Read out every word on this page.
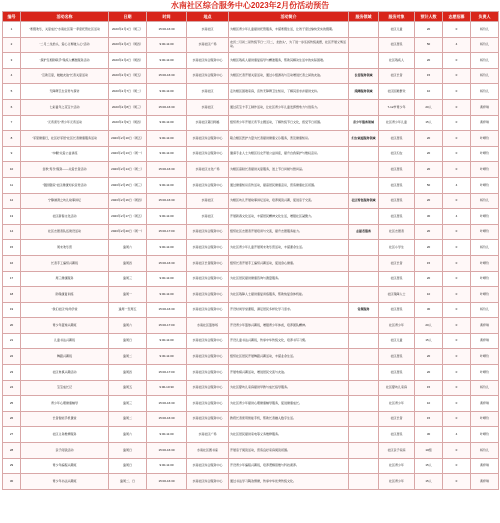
水南社区综合服务中心2023年2月份活动预告
编号	活动名称	日期	时间	地点	活动简介	服务领域	服务对象	预计人数	志愿招募	负责人
1	“寒假欢乐，关爱成长”水南社区第一季度托管社区活动	2023年2月1日（周三）	15:00-16:30	水南社区	为辖区青少年儿童提供托管服务，丰富寒假生活，让孩子度过愉快充实的假期。		社区儿童	20	0	杨玲儿
2	“二月二龙抬头，爱心义剪暖人心”活动	2023年2月2日（周四）	9:00-11:00	水南社区广场	农历二月初二是传统节日“二月二，龙抬头”，为了进一步弘扬传统美德，社区开展义剪活动。		社区居民	50	4	杨玲儿
3	“探护互相助联手”残疾人精准服务活动	2023年2月2日（周四）	9:00-11:00	水南社区综合服务中心	为辖区残疾人提供康复指导与精准服务，帮助其解决生活中的实际困难。		社区残疾人	20	0	杨玲儿
4	“互助互爱，暖暖友谊”长者关爱活动	2023年2月3日（周五）	15:00-16:30	水南社区综合服务中心	为辖区长者开展关爱活动，通过小组游戏与互动增进长者之间的友谊。	长者服务领域	社区长者	15	0	杨玲儿
5	无障碍卫生宣传与探访	2023年2月7日（周二）	9:00-11:00	水南社区	走访辖区困难家庭，宣传无障碍卫生知识，了解其需求并提供支持。	残障服务领域	社区困难群众	10	0	杨玲儿
6	七彩童年之花宝卡活动	2023年2月8日（周三）	15:00-16:30	水南社区	通过花宝卡手工制作活动，让社区青少年儿童发挥想象力与创造力。		7-12岁青少年	20人	0	黄梓琪
7	“元宵喜乐”青少年元宵活动	2023年2月9日（周四）	9:00-11:00	水南社区第四网格	组织青少年开展元宵节主题活动，了解传统节日文化，感受节日氛围。	青少年服务领域	社区青少年儿童	15人	0	黄梓琪
8	“邻里健康行，社区好邻居”社区长者健康服务活动	2023年2月10日（周五）	9:00-11:00	水南社区综合服务中心	联合辖区医护力量为长者提供健康义诊服务，普及健康知识。	妇女家庭服务领域	社区居民	20	0	叶晴玲
9	“巾帼”关爱公益讲座	2023年2月13日（周一）	9:00-11:00	水南社区综合服务中心	邀请专业人士为辖区妇女开展公益讲座，提升自我保护与维权意识。		社区妇女	20	0	叶晴玲
10	金秋“寿乐”服务——关爱长者活动	2023年2月14日（周二）	15:00-16:30	水南社区文化广场	为辖区高龄长者提供关爱服务，送上节日问候与慰问品。		社区居民	20	0	叶晴玲
11	“强国强家”社区健康知识宣传活动	2023年2月15日（周三）	9:00-11:00	水南社区综合服务中心	通过健康知识宣传活动，提高居民健康意识，营造健康社区氛围。		社区居民	50	4	叶晴玲
12	宁静港湾之幼儿故事讲坛	2023年2月16日（周四）	15:00-16:30	水南社区	为辖区幼儿开展故事讲坛活动，培养阅读兴趣，促进亲子交流。	社区特色服务领域	社区居民	20	0	杨玲儿
13	社区新春文化活动	2023年2月17日（周五）	9:00-11:00	水南社区	开展新春文化活动，丰富居民精神文化生活，增强社区凝聚力。		社区居民	30	4	叶晴玲
14	社区志愿者队伍建设活动	2023年2月20日（周一）	15:00-17:00	水南社区综合服务中心	组织社区志愿者开展培训与交流，提升志愿服务能力。	志愿者服务	社区志愿者	20	0	叶晴玲
15	周末欢乐营	逢周六	9:00-11:00	水南社区综合服务中心	为社区青少年儿童开展周末欢乐营活动，丰富课余生活。		社区小学生	20	0	杨玲儿
16	长者手工编织兴趣班	逢周四	15:00-16:30	水南社区长者服务中心	组织长者开展手工编织兴趣活动，促进身心健康。		社区长者	15	0	叶晴玲
17	周三健康服务	逢周三	9:00-11:00	水南社区综合服务中心	为社区居民提供健康咨询与测量服务。		社区居民	20	0	叶晴玲
18	助残康复训练	逢周一	9:00-11:00	水南社区综合服务中心	为社区残障人士提供康复训练服务，帮助恢复身体机能。		社区残障人士	10	0	叶晴玲
19	“我们社区”时尚学堂	逢周一至周五	15:00-16:30	水南社区综合服务中心	开设时尚学堂课程，满足居民多样化学习需求。	常规服务	社区居民	30	0	杨玲儿
20	青少年篮球兴趣班	逢周六	15:00-17:00	水南社区篮球场	开设青少年篮球兴趣班，增强青少年体质，培养团队精神。		社区青少年	20人	0	黄梓琪
21	儿童书法兴趣班	逢周日	9:00-11:00	水南社区综合服务中心	开设儿童书法兴趣班，传承中华传统文化，培养书写习惯。		社区儿童	15人	0	黄梓琪
22	舞蹈兴趣班	逢周二	9:30-11:00	水南社区综合服务中心	组织社区居民开展舞蹈兴趣活动，丰富业余生活。		社区居民	20	0	叶晴玲
23	社区象棋兴趣活动	逢周四	15:00-17:00	水南社区综合服务中心	开展象棋兴趣活动，增进居民交流与友谊。		社区居民	20	0	叶晴玲
24	宝宝成长记	逢周五	9:00-10:30	水南社区综合服务中心	为社区婴幼儿家庭提供早教与成长指导服务。		社区婴幼儿家庭	15	0	杨玲儿
25	青少年心理健康辅导	逢周三	15:00-16:30	水南社区综合服务中心	为社区青少年提供心理健康辅导服务，促进健康成长。		社区青少年	10	0	黄梓琪
26	长者智能手机课堂	逢周二	15:00-16:30	水南社区综合服务中心	教授长者使用智能手机，帮助长者融入数字生活。		社区长者	15	0	叶晴玲
27	社区义务维修服务	逢周六	9:00-11:00	水南社区广场	为社区居民提供家电等义务维修服务。		社区居民	30	4	叶晴玲
28	亲子阅读活动	逢周日	15:00-16:30	水南社区图书室	开展亲子阅读活动，营造良好家庭阅读氛围。		社区亲子家庭	10组	0	杨玲儿
29	青少年编程兴趣班	逢周日	9:00-11:00	水南社区综合服务中心	开设青少年编程兴趣班，培养逻辑思维与科技素养。		社区青少年	15人	0	黄梓琪
30	青少年书法兴趣班	逢周二、日	15:00-16:30	水南社区综合服务中心	通过书法学习陶冶情操，传承中华优秀传统文化。		社区青少年	15人	0	黄梓琪
